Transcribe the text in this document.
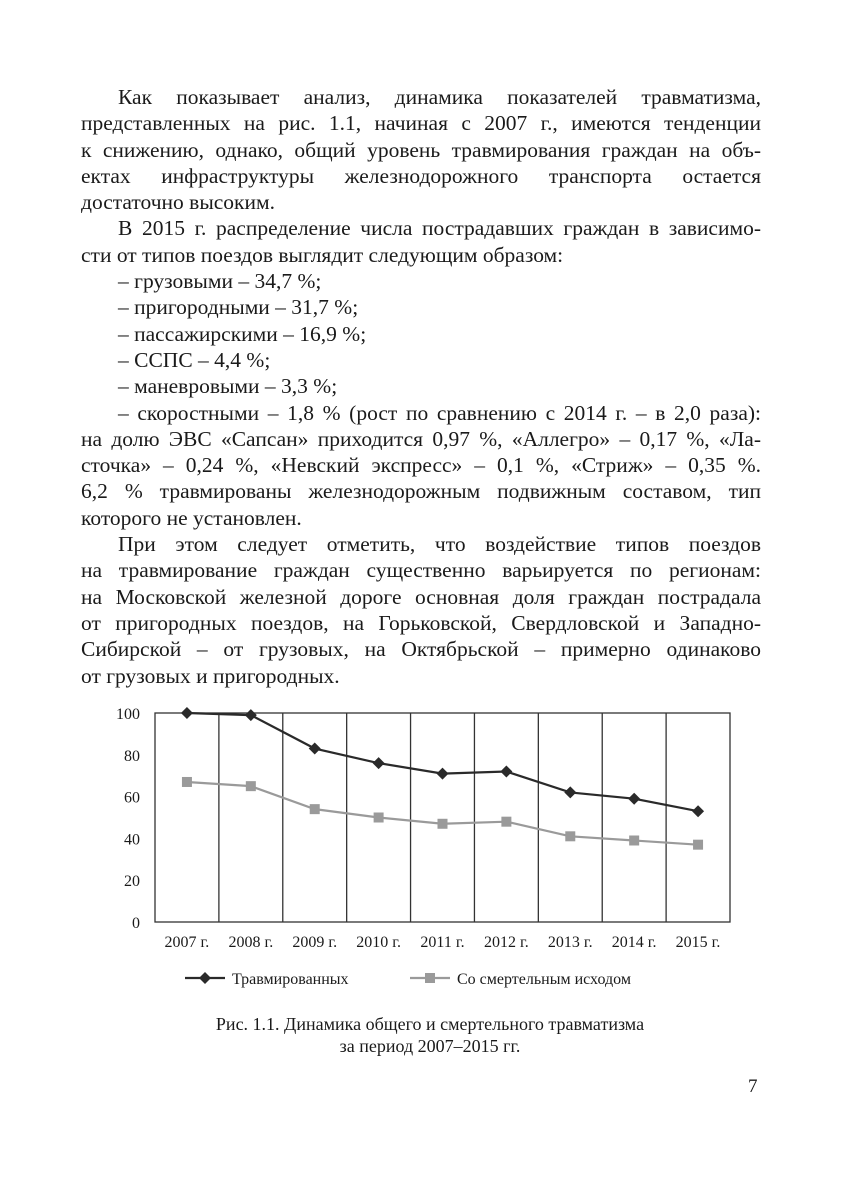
Как показывает анализ, динамика показателей травматизма,
представленных на рис. 1.1, начиная с 2007 г., имеются тенденции
к снижению, однако, общий уровень травмирования граждан на объ-
ектах инфраструктуры железнодорожного транспорта остается
достаточно высоким.
В 2015 г. распределение числа пострадавших граждан в зависимо-
сти от типов поездов выглядит следующим образом:
– грузовыми – 34,7 %;
– пригородными – 31,7 %;
– пассажирскими – 16,9 %;
– ССПС – 4,4 %;
– маневровыми – 3,3 %;
– скоростными – 1,8 % (рост по сравнению с 2014 г. – в 2,0 раза):
на долю ЭВС «Сапсан» приходится 0,97 %, «Аллегро» – 0,17 %, «Ла-
сточка» – 0,24 %, «Невский экспресс» – 0,1 %, «Стриж» – 0,35 %.
6,2 % травмированы железнодорожным подвижным составом, тип
которого не установлен.
При этом следует отметить, что воздействие типов поездов
на травмирование граждан существенно варьируется по регионам:
на Московской железной дороге основная доля граждан пострадала
от пригородных поездов, на Горьковской, Свердловской и Западно-
Сибирской – от грузовых, на Октябрьской – примерно одинаково
от грузовых и пригородных.
0
20
40
60
80
100
2007 г. 2008 г. 2009 г. 2010 г. 2011 г. 2012 г. 2013 г. 2014 г. 2015 г.
Травмированных	Со смертельным исходом
Рис. 1.1. Динамика общего и смертельного травматизма
за период 2007–2015 гг.
7
